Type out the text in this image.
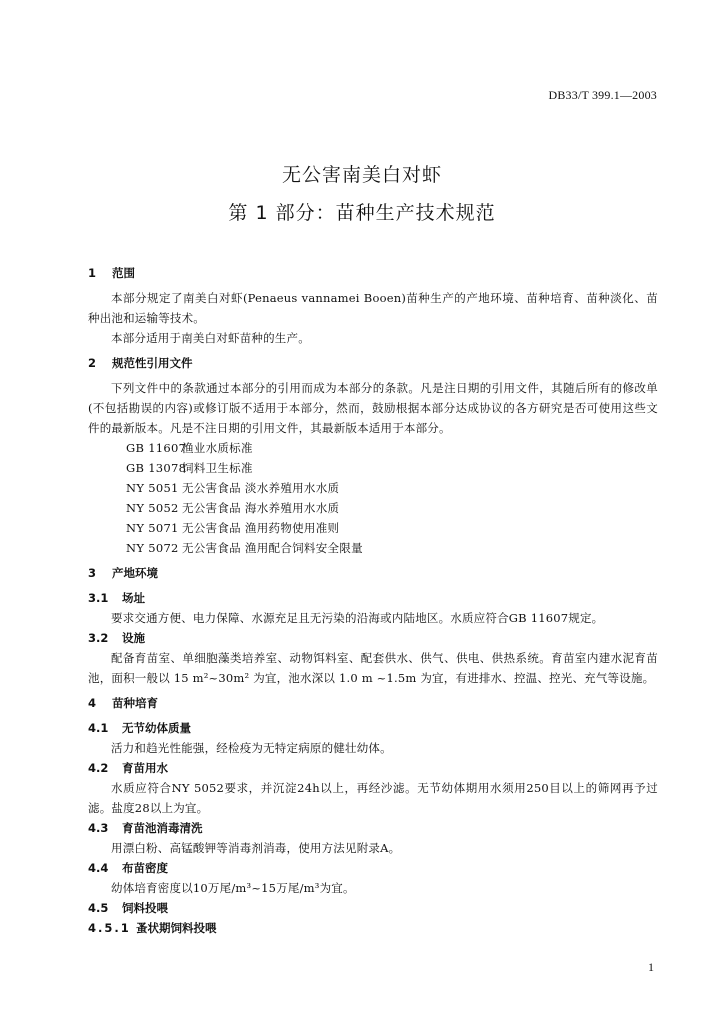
DB33/T 399.1—2003
无公害南美白对虾
第 1 部分：苗种生产技术规范
1 范围

本部分规定了南美白对虾(Penaeus vannamei Booen)苗种生产的产地环境、苗种培育、苗种淡化、苗种出池和运输等技术。

本部分适用于南美白对虾苗种的生产。

2 规范性引用文件

下列文件中的条款通过本部分的引用而成为本部分的条款。凡是注日期的引用文件，其随后所有的修改单(不包括勘误的内容)或修订版不适用于本部分，然而，鼓励根据本部分达成协议的各方研究是否可使用这些文件的最新版本。凡是不注日期的引用文件，其最新版本适用于本部分。

GB 11607 渔业水质标准
GB 13078 饲料卫生标准
NY 5051 无公害食品 淡水养殖用水水质
NY 5052 无公害食品 海水养殖用水水质
NY 5071 无公害食品 渔用药物使用准则
NY 5072 无公害食品 渔用配合饲料安全限量
3 产地环境
3.1 场址

要求交通方便、电力保障、水源充足且无污染的沿海或内陆地区。水质应符合GB 11607规定。

3.2 设施

配备育苗室、单细胞藻类培养室、动物饵料室、配套供水、供气、供电、供热系统。育苗室内建水泥育苗池，面积一般以 15 m²~30m² 为宜，池水深以 1.0 m ~1.5m 为宜，有进排水、控温、控光、充气等设施。

4 苗种培育
4.1 无节幼体质量

活力和趋光性能强，经检疫为无特定病原的健壮幼体。

4.2 育苗用水

水质应符合NY 5052要求，并沉淀24h以上，再经沙滤。无节幼体期用水须用250目以上的筛网再予过滤。盐度28以上为宜。

4.3 育苗池消毒清洗

用漂白粉、高锰酸钾等消毒剂消毒，使用方法见附录A。

4.4 布苗密度

幼体培育密度以10万尾/m³~15万尾/m³为宜。

4.5 饲料投喂
4.5.1 蚤状期饲料投喂
1
